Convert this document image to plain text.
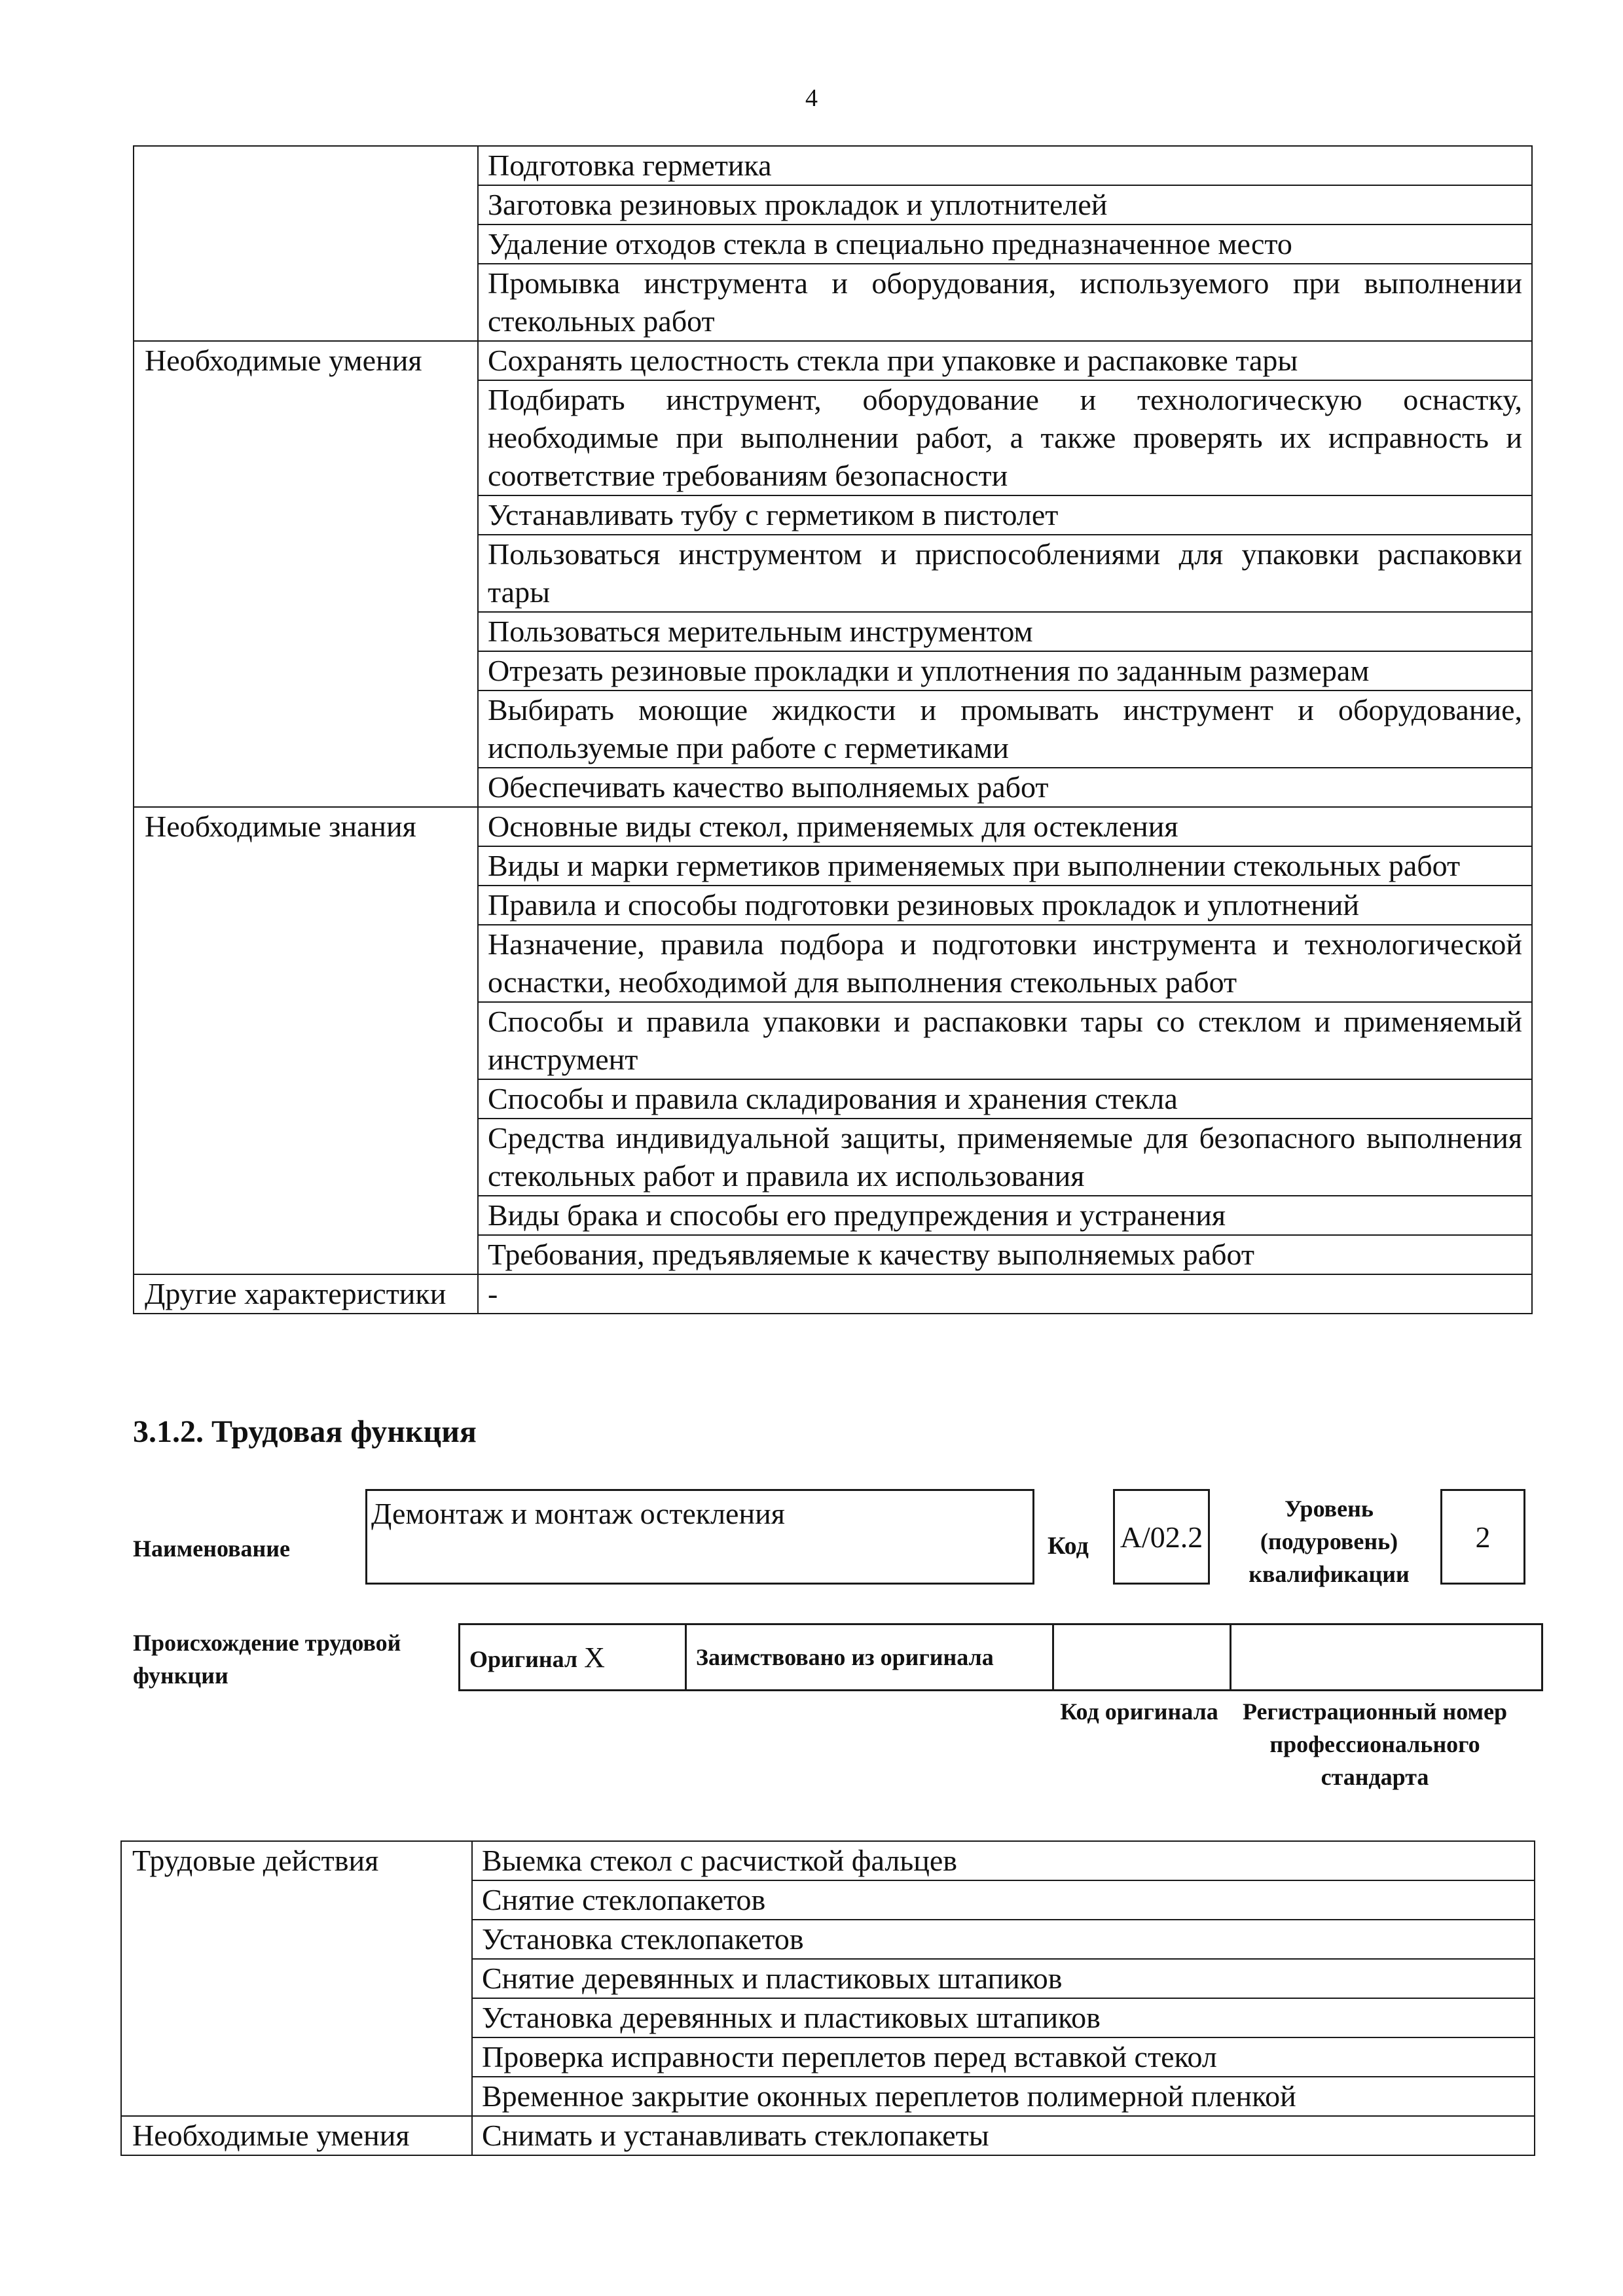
4
	Подготовка герметика
	Заготовка резиновых прокладок и уплотнителей
	Удаление отходов стекла в специально предназначенное место
	Промывка инструмента и оборудования, используемого при выполнении стекольных работ
Необходимые умения	Сохранять целостность стекла при упаковке и распаковке тары
	Подбирать инструмент, оборудование и технологическую оснастку, необходимые при выполнении работ, а также проверять их исправность и соответствие требованиям безопасности
	Устанавливать тубу с герметиком в пистолет
	Пользоваться инструментом и приспособлениями для упаковки распаковки тары
	Пользоваться мерительным инструментом
	Отрезать резиновые прокладки и уплотнения по заданным размерам
	Выбирать моющие жидкости и промывать инструмент и оборудование, используемые при работе с герметиками
	Обеспечивать качество выполняемых работ
Необходимые знания	Основные виды стекол, применяемых для остекления
	Виды и марки герметиков применяемых при выполнении стекольных работ
	Правила и способы подготовки резиновых прокладок и уплотнений
	Назначение, правила подбора и подготовки инструмента и технологической оснастки, необходимой для выполнения стекольных работ
	Способы и правила упаковки и распаковки тары со стеклом и применяемый инструмент
	Способы и правила складирования и хранения стекла
	Средства индивидуальной защиты, применяемые для безопасного выполнения стекольных работ и правила их использования
	Виды брака и способы его предупреждения и устранения
	Требования, предъявляемые к качеству выполняемых работ
Другие характеристики	-
3.1.2. Трудовая функция
Наименование
Демонтаж и монтаж остекления
Код А/02.2
Уровень (подуровень) квалификации
2
Происхождение трудовой функции
Оригинал Х	Заимствовано из оригинала		
Код оригинала	Регистрационный номер профессионального стандарта
Трудовые действия	Выемка стекол с расчисткой фальцев
	Снятие стеклопакетов
	Установка стеклопакетов
	Снятие деревянных и пластиковых штапиков
	Установка деревянных и пластиковых штапиков
	Проверка исправности переплетов перед вставкой стекол
	Временное закрытие оконных переплетов полимерной пленкой
Необходимые умения	Снимать и устанавливать стеклопакеты
